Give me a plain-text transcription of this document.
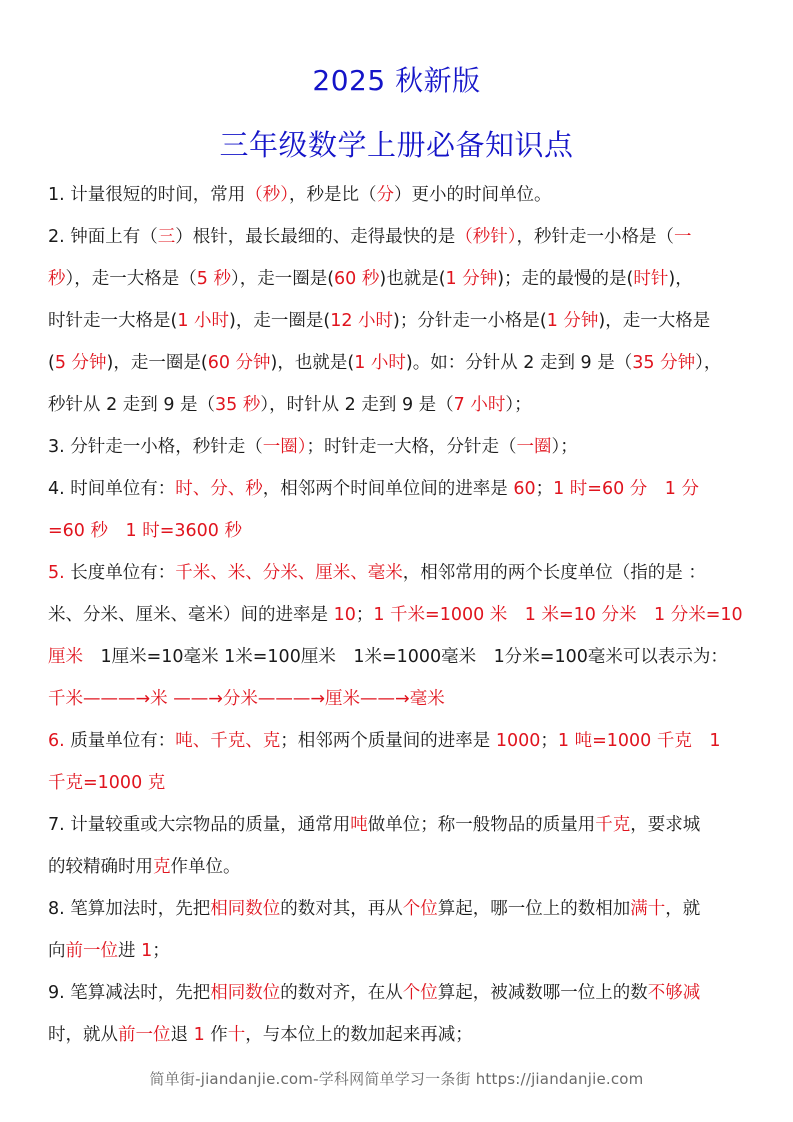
2025 秋新版
三年级数学上册必备知识点
1. 计量很短的时间，常用（秒），秒是比（分）更小的时间单位。
2. 钟面上有（三）根针，最长最细的、走得最快的是（秒针），秒针走一小格是（一
秒），走一大格是（5 秒），走一圈是(60 秒)也就是(1 分钟)；走的最慢的是(时针)，
时针走一大格是(1 小时)，走一圈是(12 小时)；分针走一小格是(1 分钟)，走一大格是
(5 分钟)，走一圈是(60 分钟)，也就是(1 小时)。如：分针从 2 走到 9 是（35 分钟），
秒针从 2 走到 9 是（35 秒），时针从 2 走到 9 是（7 小时）；
3. 分针走一小格，秒针走（一圈）；时针走一大格，分针走（一圈）；
4. 时间单位有：时、分、秒，相邻两个时间单位间的进率是 60；1 时=60 分　1 分
=60 秒　1 时=3600 秒
5. 长度单位有：千米、米、分米、厘米、毫米，相邻常用的两个长度单位（指的是 ：
米、分米、厘米、毫米）间的进率是 10；1 千米=1000 米　1 米=10 分米　1 分米=10
厘米　1厘米=10毫米 1米=100厘米　1米=1000毫米　1分米=100毫米可以表示为：
千米———→米 ——→分米———→厘米——→毫米
6. 质量单位有：吨、千克、克；相邻两个质量间的进率是 1000；1 吨=1000 千克　1
千克=1000 克
7. 计量较重或大宗物品的质量，通常用吨做单位；称一般物品的质量用千克，要求城
的较精确时用克作单位。
8. 笔算加法时，先把相同数位的数对其，再从个位算起，哪一位上的数相加满十，就
向前一位进 1；
9. 笔算减法时，先把相同数位的数对齐，在从个位算起，被减数哪一位上的数不够减
时，就从前一位退 1 作十，与本位上的数加起来再减；
简单街-jiandanjie.com-学科网简单学习一条街 https://jiandanjie.com
